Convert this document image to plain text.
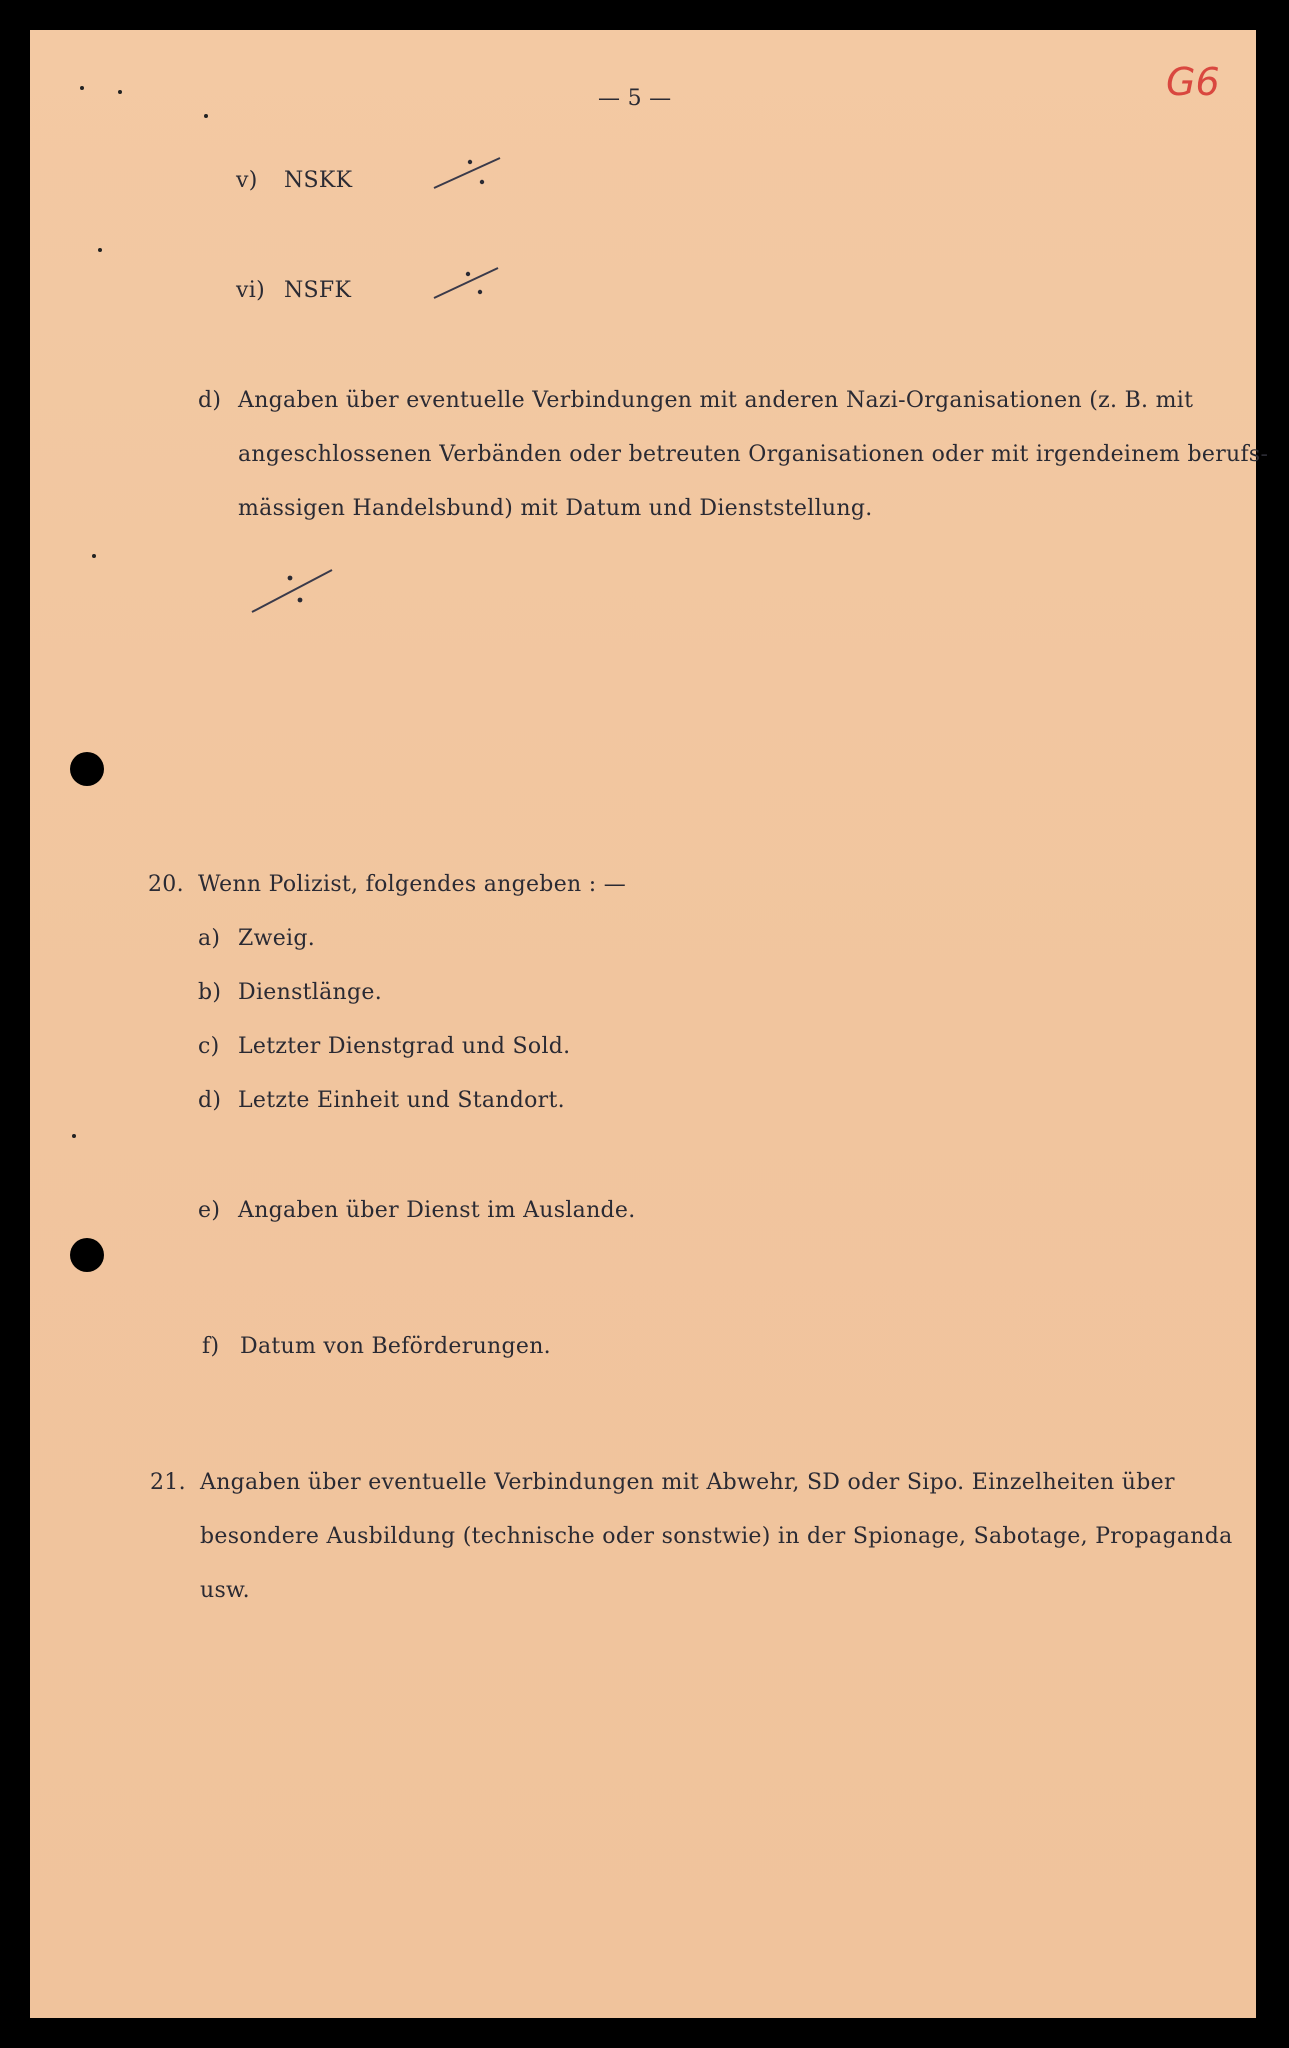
— 5 —	G6
v) NSKK
vi) NSFK
d) Angaben über eventuelle Verbindungen mit anderen Nazi-Organisationen (z. B. mit
angeschlossenen Verbänden oder betreuten Organisationen oder mit irgendeinem berufs-
mässigen Handelsbund) mit Datum und Dienststellung.
20. Wenn Polizist, folgendes angeben : —
a) Zweig.
b) Dienstlänge.
c) Letzter Dienstgrad und Sold.
d) Letzte Einheit und Standort.
e) Angaben über Dienst im Auslande.
f) Datum von Beförderungen.
21. Angaben über eventuelle Verbindungen mit Abwehr, SD oder Sipo. Einzelheiten über
besondere Ausbildung (technische oder sonstwie) in der Spionage, Sabotage, Propaganda
usw.
